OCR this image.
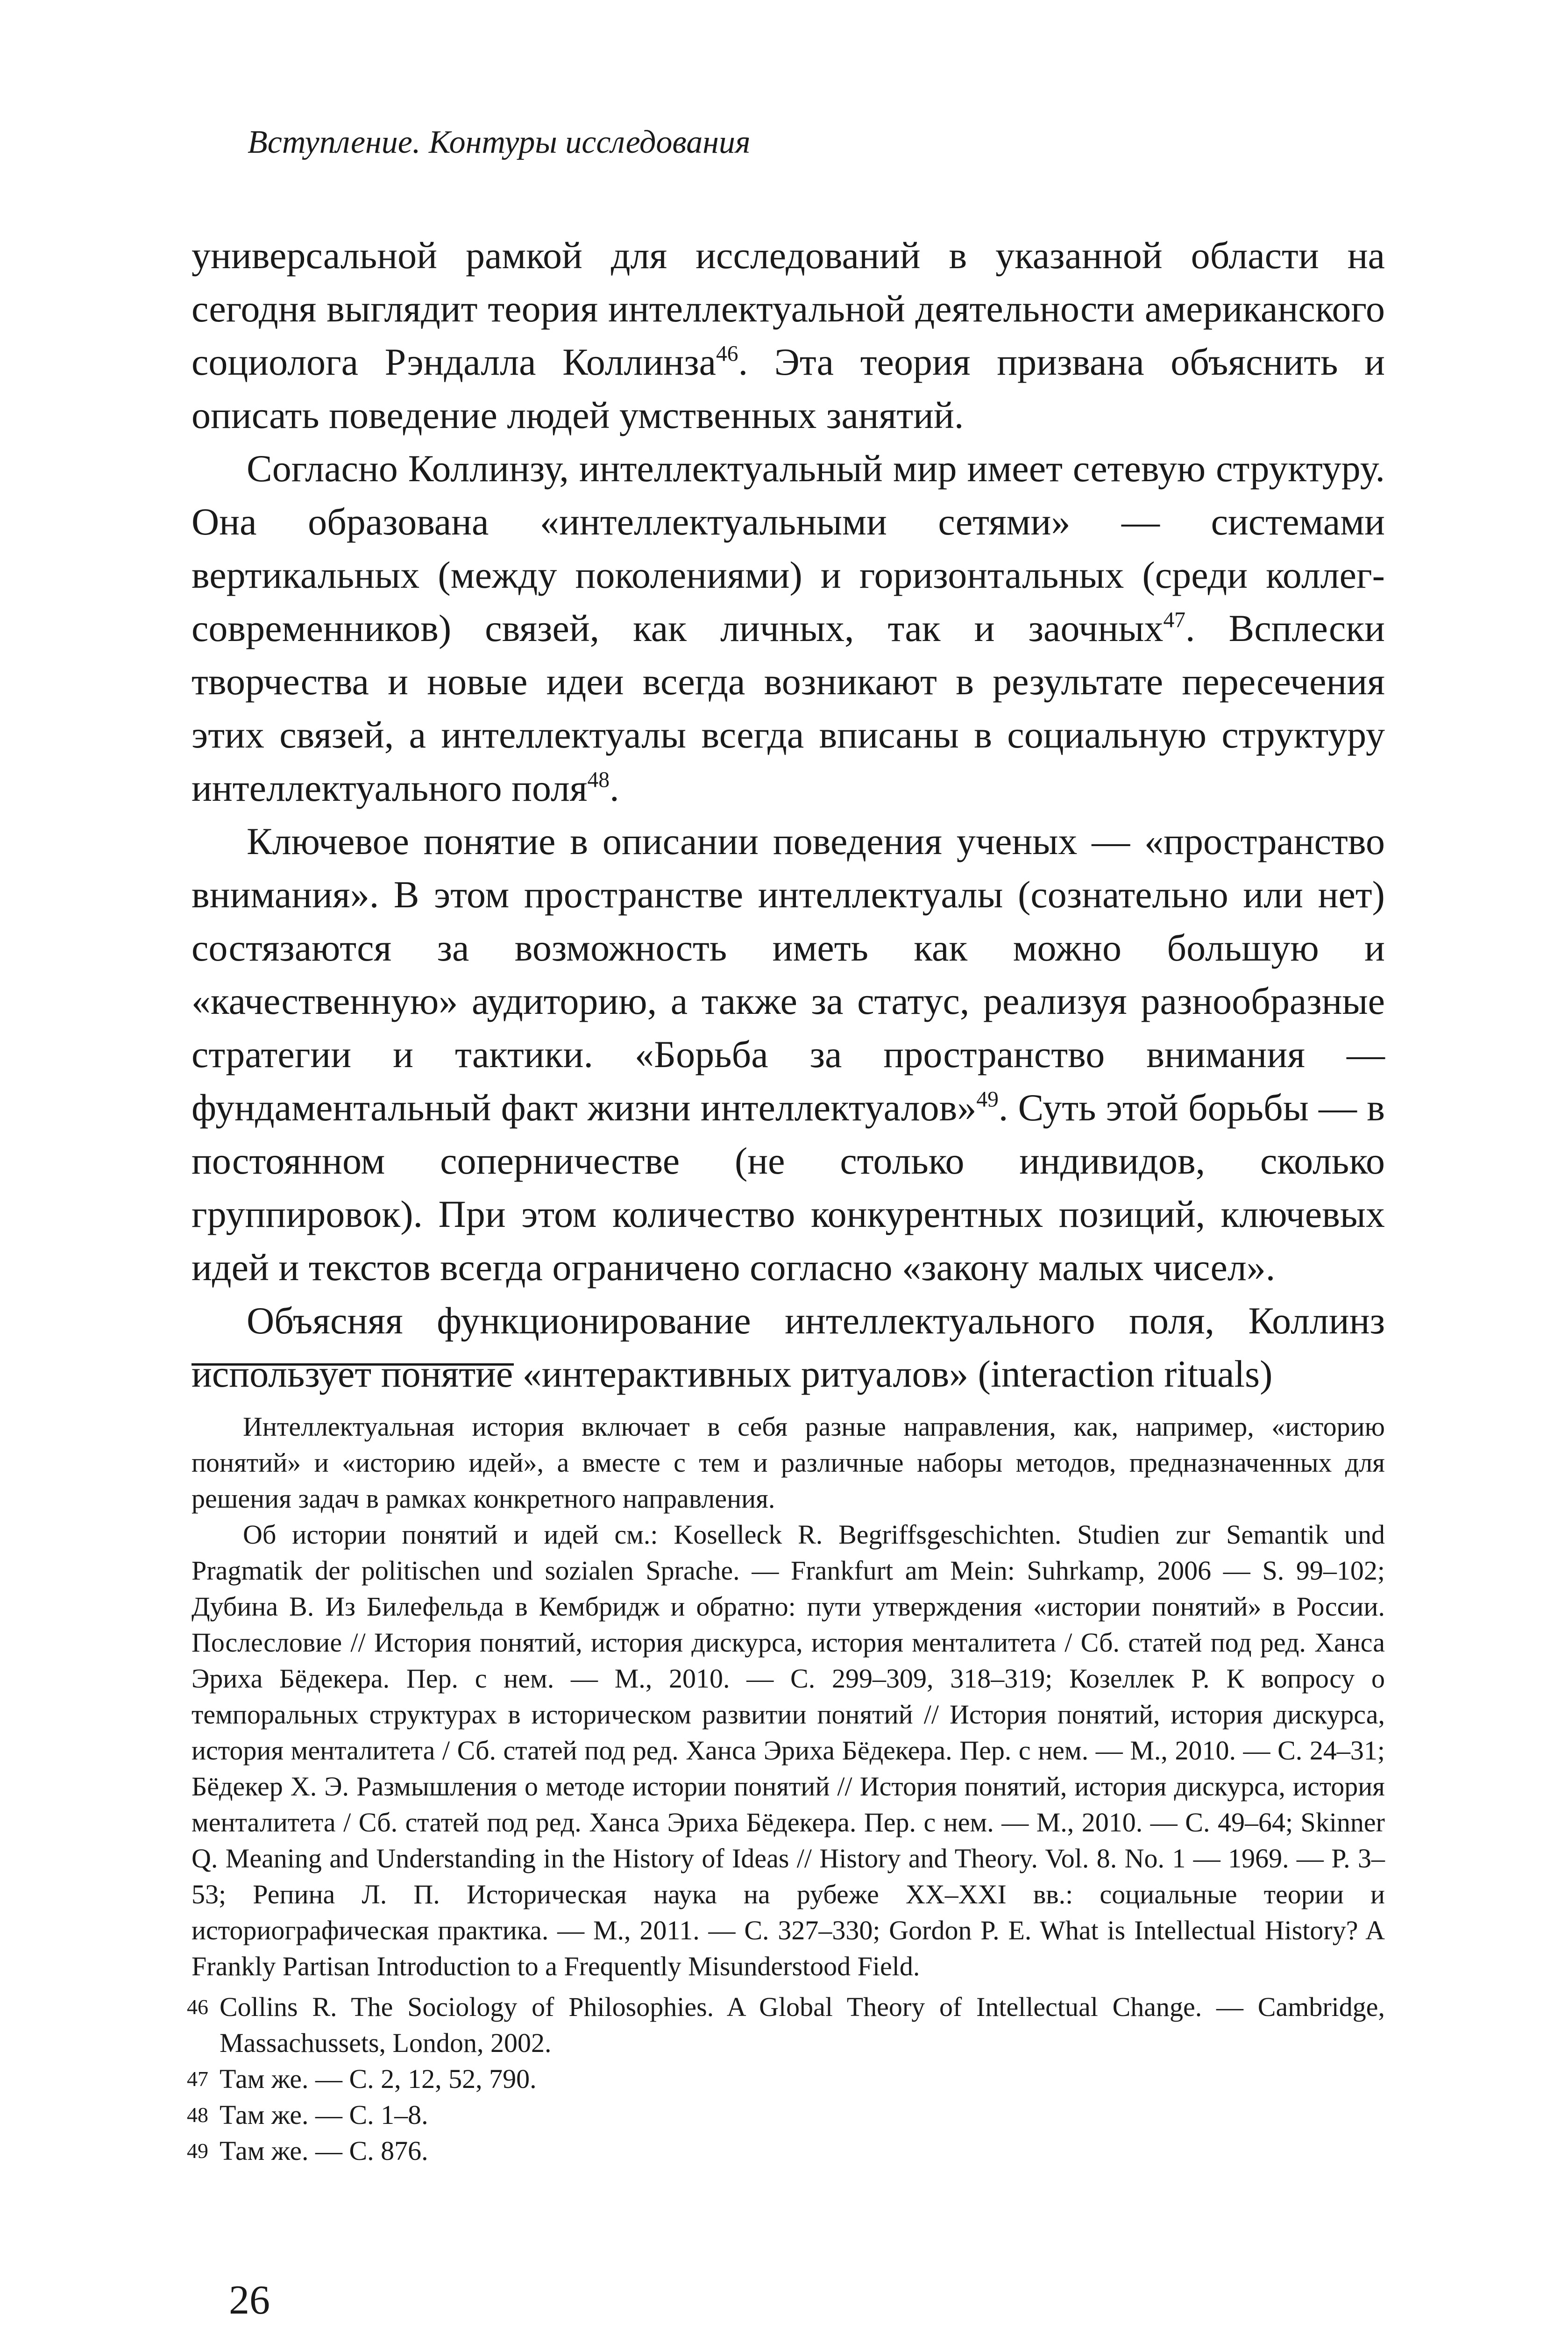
Вступление. Контуры исследования

универсальной рамкой для исследований в указанной области на сегодня выглядит теория интеллектуальной деятельности американского социолога Рэндалла Коллинза$^{46}$. Эта теория призвана объяснить и описать поведение людей умственных занятий.

Согласно Коллинзу, интеллектуальный мир имеет сетевую структуру. Она образована «интеллектуальными сетями» — системами вертикальных (между поколениями) и горизонтальных (среди коллег-современников) связей, как личных, так и заочных$^{47}$. Всплески творчества и новые идеи всегда возникают в результате пересечения этих связей, а интеллектуалы всегда вписаны в социальную структуру интеллектуального поля$^{48}$.

Ключевое понятие в описании поведения ученых — «пространство внимания». В этом пространстве интеллектуалы (сознательно или нет) состязаются за возможность иметь как можно большую и «качественную» аудиторию, а также за статус, реализуя разнообразные стратегии и тактики. «Борьба за пространство внимания — фундаментальный факт жизни интеллектуалов»$^{49}$. Суть этой борьбы — в постоянном соперничестве (не столько индивидов, сколько группировок). При этом количество конкурентных позиций, ключевых идей и текстов всегда ограничено согласно «закону малых чисел».

Объясняя функционирование интеллектуального поля, Коллинз использует понятие «интерактивных ритуалов» (interaction rituals)

Интеллектуальная история включает в себя разные направления, как, например, «историю понятий» и «историю идей», а вместе с тем и различные наборы методов, предназначенных для решения задач в рамках конкретного направления.

Об истории понятий и идей см.: Koselleck R. Begriffsgeschichten. Studien zur Semantik und Pragmatik der politischen und sozialen Sprache. — Frankfurt am Mein: Suhrkamp, 2006 — S. 99–102; Дубина В. Из Билефельда в Кембридж и обратно: пути утверждения «истории понятий» в России. Послесловие // История понятий, история дискурса, история менталитета / Сб. статей под ред. Ханса Эриха Бёдекера. Пер. с нем. — М., 2010. — С. 299–309, 318–319; Козеллек Р. К вопросу о темпоральных структурах в историческом развитии понятий // История понятий, история дискурса, история менталитета / Сб. статей под ред. Ханса Эриха Бёдекера. Пер. с нем. — М., 2010. — С. 24–31; Бёдекер Х. Э. Размышления о методе истории понятий // История понятий, история дискурса, история менталитета / Сб. статей под ред. Ханса Эриха Бёдекера. Пер. с нем. — М., 2010. — С. 49–64; Skinner Q. Meaning and Understanding in the History of Ideas // History and Theory. Vol. 8. No. 1 — 1969. — P. 3–53; Репина Л. П. Историческая наука на рубеже XX–XXI вв.: социальные теории и историографическая практика. — М., 2011. — С. 327–330; Gordon P. E. What is Intellectual History? A Frankly Partisan Introduction to a Frequently Misunderstood Field.

46 Collins R. The Sociology of Philosophies. A Global Theory of Intellectual Change. — Cambridge, Massachussets, London, 2002.
47 Там же. — С. 2, 12, 52, 790.
48 Там же. — С. 1–8.
49 Там же. — С. 876.
26
